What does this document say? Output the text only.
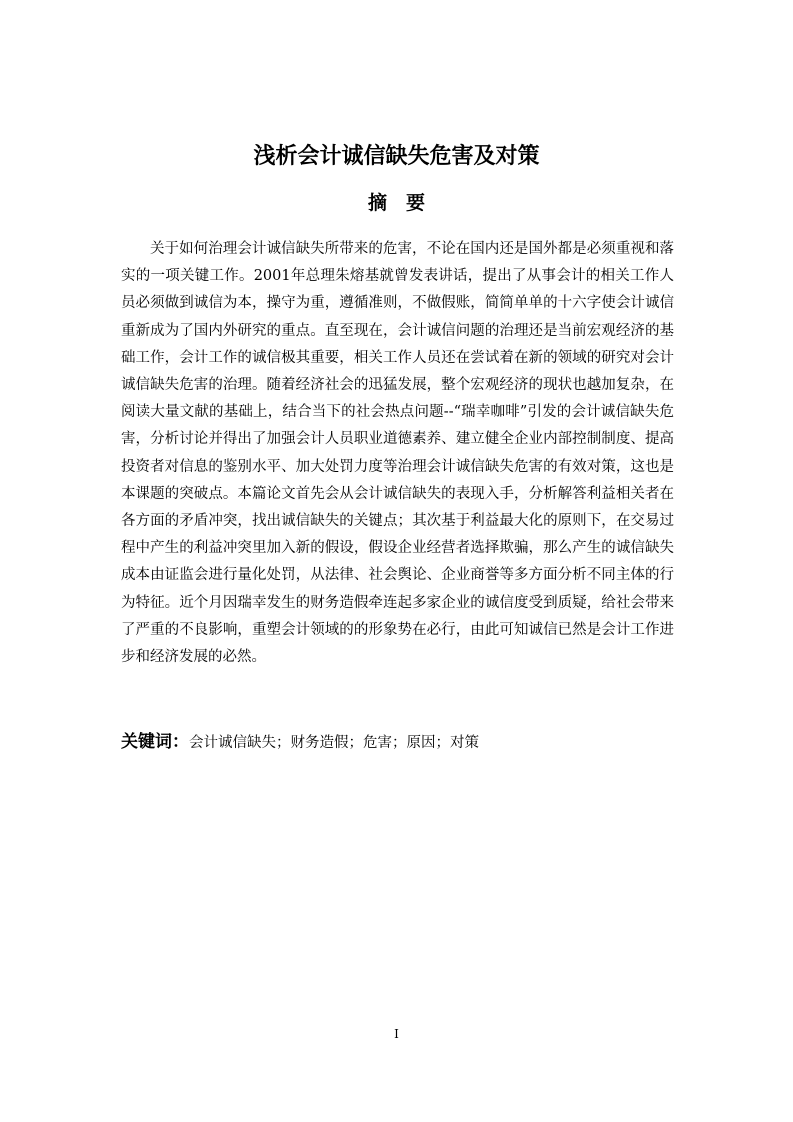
浅析会计诚信缺失危害及对策
摘　要

关于如何治理会计诚信缺失所带来的危害，不论在国内还是国外都是必须重视和落实的一项关键工作。2001年总理朱熔基就曾发表讲话，提出了从事会计的相关工作人员必须做到诚信为本，操守为重，遵循准则，不做假账，简简单单的十六字使会计诚信重新成为了国内外研究的重点。直至现在，会计诚信问题的治理还是当前宏观经济的基础工作，会计工作的诚信极其重要，相关工作人员还在尝试着在新的领域的研究对会计诚信缺失危害的治理。随着经济社会的迅猛发展，整个宏观经济的现状也越加复杂，在阅读大量文献的基础上，结合当下的社会热点问题--“瑞幸咖啡”引发的会计诚信缺失危害，分析讨论并得出了加强会计人员职业道德素养、建立健全企业内部控制制度、提高投资者对信息的鉴别水平、加大处罚力度等治理会计诚信缺失危害的有效对策，这也是本课题的突破点。本篇论文首先会从会计诚信缺失的表现入手，分析解答利益相关者在各方面的矛盾冲突，找出诚信缺失的关键点；其次基于利益最大化的原则下，在交易过程中产生的利益冲突里加入新的假设，假设企业经营者选择欺骗，那么产生的诚信缺失成本由证监会进行量化处罚，从法律、社会舆论、企业商誉等多方面分析不同主体的行为特征。近个月因瑞幸发生的财务造假牵连起多家企业的诚信度受到质疑，给社会带来了严重的不良影响，重塑会计领域的的形象势在必行，由此可知诚信已然是会计工作进步和经济发展的必然。

关键词：会计诚信缺失；财务造假；危害；原因；对策

I
